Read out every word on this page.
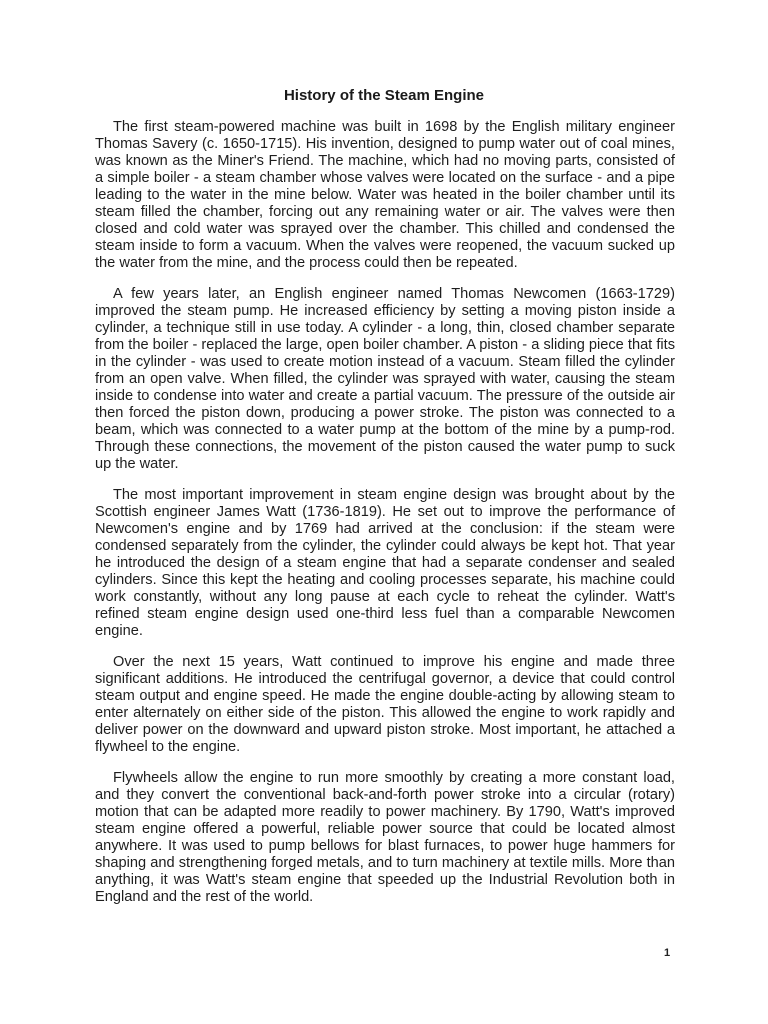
History of the Steam Engine

The first steam-powered machine was built in 1698 by the English military engineer Thomas Savery (c. 1650-1715). His invention, designed to pump water out of coal mines, was known as the Miner's Friend. The machine, which had no moving parts, consisted of a simple boiler - a steam chamber whose valves were located on the surface - and a pipe leading to the water in the mine below. Water was heated in the boiler chamber until its steam filled the chamber, forcing out any remaining water or air. The valves were then closed and cold water was sprayed over the chamber. This chilled and condensed the steam inside to form a vacuum. When the valves were reopened, the vacuum sucked up the water from the mine, and the process could then be repeated.

A few years later, an English engineer named Thomas Newcomen (1663-1729) improved the steam pump. He increased efficiency by setting a moving piston inside a cylinder, a technique still in use today. A cylinder - a long, thin, closed chamber separate from the boiler - replaced the large, open boiler chamber. A piston - a sliding piece that fits in the cylinder - was used to create motion instead of a vacuum. Steam filled the cylinder from an open valve. When filled, the cylinder was sprayed with water, causing the steam inside to condense into water and create a partial vacuum. The pressure of the outside air then forced the piston down, producing a power stroke. The piston was connected to a beam, which was connected to a water pump at the bottom of the mine by a pump-rod. Through these connections, the movement of the piston caused the water pump to suck up the water.

The most important improvement in steam engine design was brought about by the Scottish engineer James Watt (1736-1819). He set out to improve the performance of Newcomen's engine and by 1769 had arrived at the conclusion: if the steam were condensed separately from the cylinder, the cylinder could always be kept hot. That year he introduced the design of a steam engine that had a separate condenser and sealed cylinders. Since this kept the heating and cooling processes separate, his machine could work constantly, without any long pause at each cycle to reheat the cylinder. Watt's refined steam engine design used one-third less fuel than a comparable Newcomen engine.

Over the next 15 years, Watt continued to improve his engine and made three significant additions. He introduced the centrifugal governor, a device that could control steam output and engine speed. He made the engine double-acting by allowing steam to enter alternately on either side of the piston. This allowed the engine to work rapidly and deliver power on the downward and upward piston stroke. Most important, he attached a flywheel to the engine.

Flywheels allow the engine to run more smoothly by creating a more constant load, and they convert the conventional back-and-forth power stroke into a circular (rotary) motion that can be adapted more readily to power machinery. By 1790, Watt's improved steam engine offered a powerful, reliable power source that could be located almost anywhere. It was used to pump bellows for blast furnaces, to power huge hammers for shaping and strengthening forged metals, and to turn machinery at textile mills. More than anything, it was Watt's steam engine that speeded up the Industrial Revolution both in England and the rest of the world.

1
